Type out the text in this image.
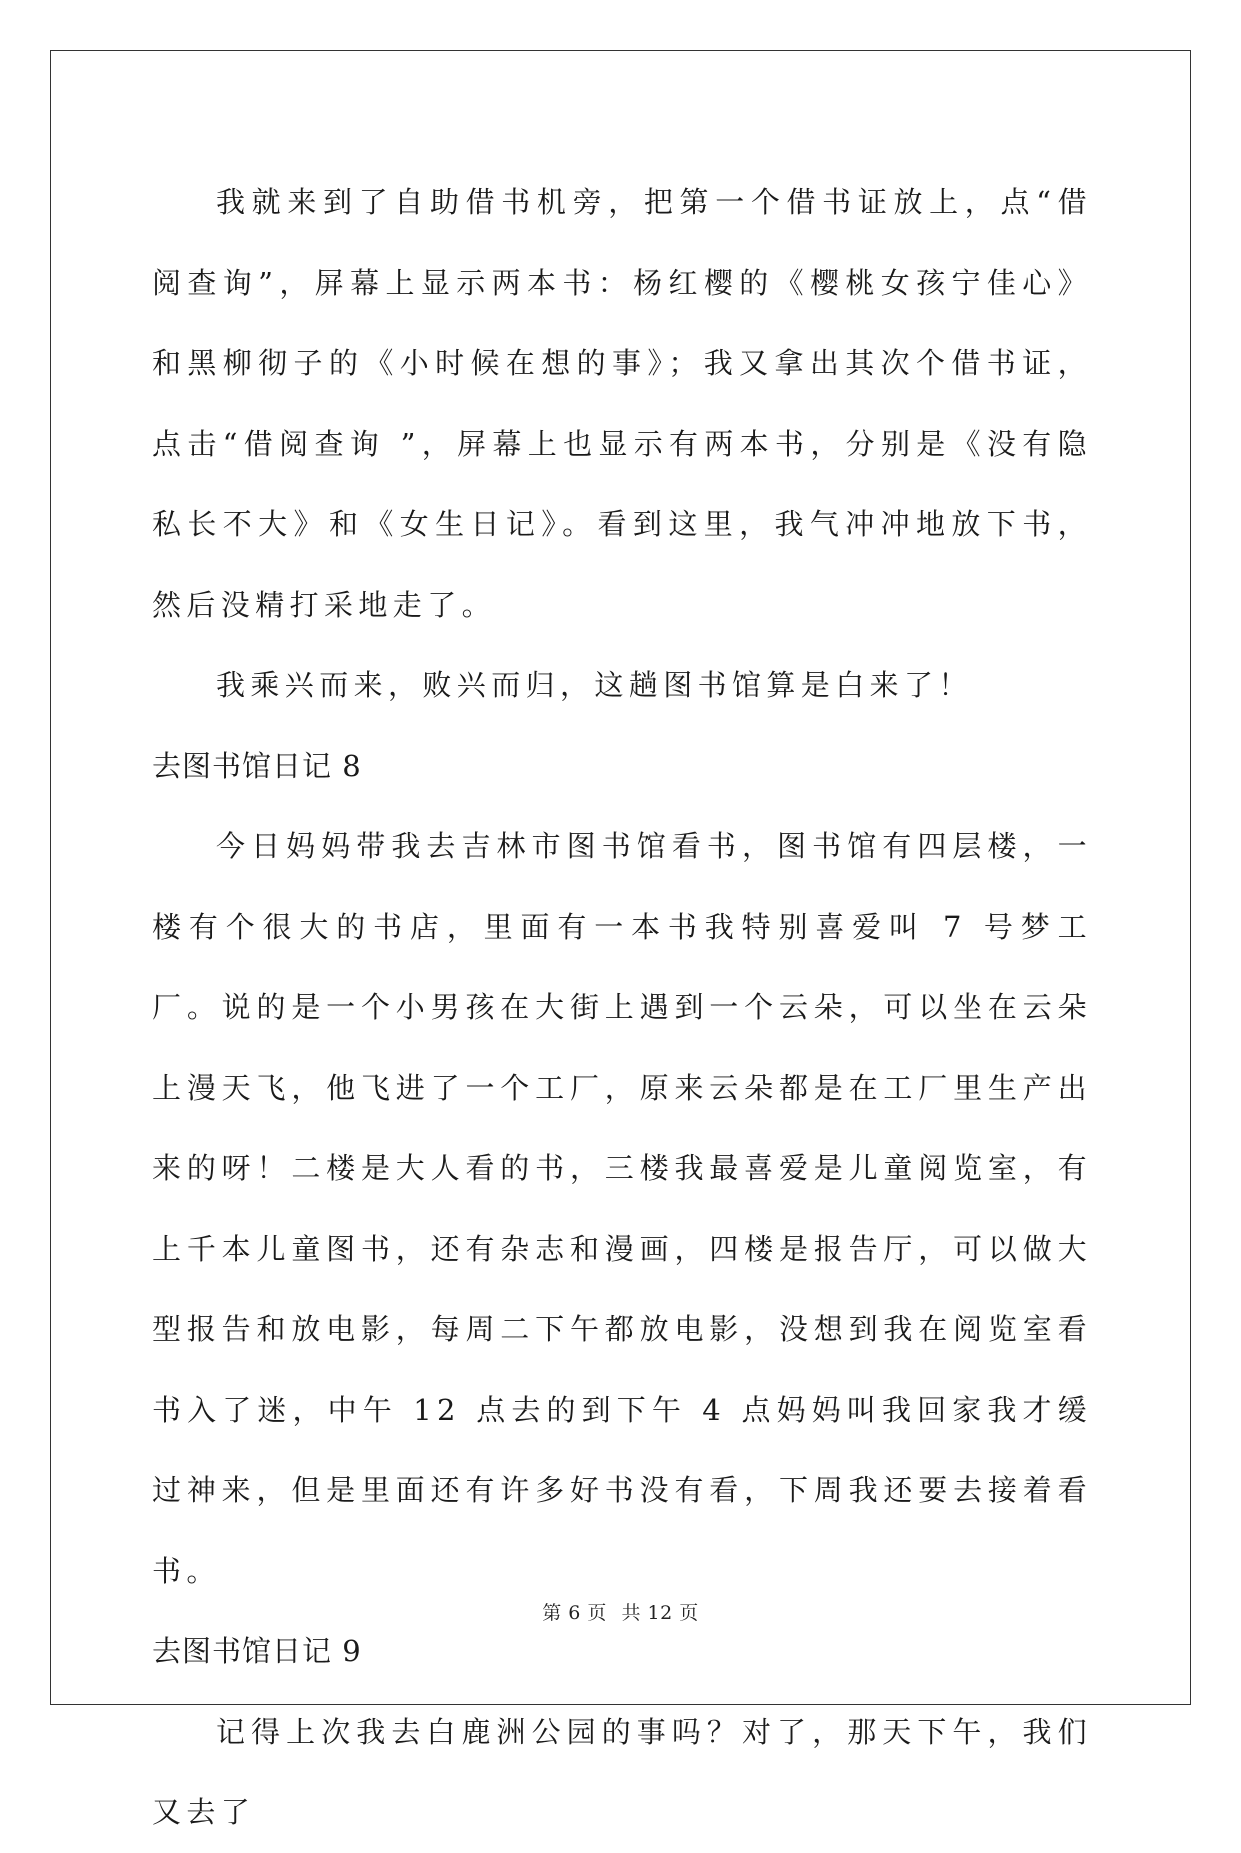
我就来到了自助借书机旁，把第一个借书证放上，点“借阅查询”，屏幕上显示两本书：杨红樱的《樱桃女孩宁佳心》和黑柳彻子的《小时候在想的事》；我又拿出其次个借书证，点击“借阅查询 ”，屏幕上也显示有两本书，分别是《没有隐私长不大》和《女生日记》。看到这里，我气冲冲地放下书，然后没精打采地走了。

我乘兴而来，败兴而归，这趟图书馆算是白来了！

去图书馆日记 8

今日妈妈带我去吉林市图书馆看书，图书馆有四层楼，一楼有个很大的书店，里面有一本书我特别喜爱叫 7 号梦工厂。说的是一个小男孩在大街上遇到一个云朵，可以坐在云朵上漫天飞，他飞进了一个工厂，原来云朵都是在工厂里生产出来的呀！二楼是大人看的书，三楼我最喜爱是儿童阅览室，有上千本儿童图书，还有杂志和漫画，四楼是报告厅，可以做大型报告和放电影，每周二下午都放电影，没想到我在阅览室看书入了迷，中午 12 点去的到下午 4 点妈妈叫我回家我才缓过神来，但是里面还有许多好书没有看，下周我还要去接着看书。

去图书馆日记 9

记得上次我去白鹿洲公园的事吗？对了，那天下午，我们又去了

第 6 页 共 12 页
